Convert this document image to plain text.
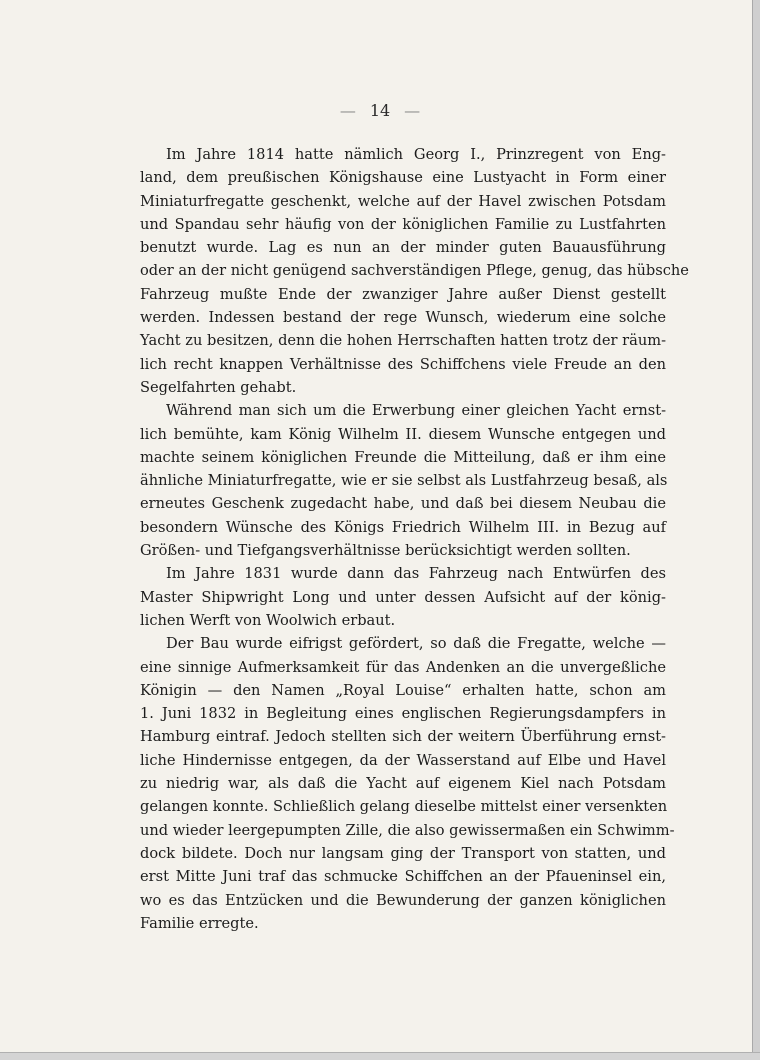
— 14 —
Im Jahre 1814 hatte nämlich Georg I., Prinzregent von Eng-
land, dem preußischen Königshause eine Lustyacht in Form einer
Miniaturfregatte geschenkt, welche auf der Havel zwischen Potsdam
und Spandau sehr häufig von der königlichen Familie zu Lustfahrten
benutzt wurde. Lag es nun an der minder guten Bauausführung
oder an der nicht genügend sachverständigen Pflege, genug, das hübsche
Fahrzeug mußte Ende der zwanziger Jahre außer Dienst gestellt
werden. Indessen bestand der rege Wunsch, wiederum eine solche
Yacht zu besitzen, denn die hohen Herrschaften hatten trotz der räum-
lich recht knappen Verhältnisse des Schiffchens viele Freude an den
Segelfahrten gehabt.
Während man sich um die Erwerbung einer gleichen Yacht ernst-
lich bemühte, kam König Wilhelm II. diesem Wunsche entgegen und
machte seinem königlichen Freunde die Mitteilung, daß er ihm eine
ähnliche Miniaturfregatte, wie er sie selbst als Lustfahrzeug besaß, als
erneutes Geschenk zugedacht habe, und daß bei diesem Neubau die
besondern Wünsche des Königs Friedrich Wilhelm III. in Bezug auf
Größen- und Tiefgangsverhältnisse berücksichtigt werden sollten.
Im Jahre 1831 wurde dann das Fahrzeug nach Entwürfen des
Master Shipwright Long und unter dessen Aufsicht auf der könig-
lichen Werft von Woolwich erbaut.
Der Bau wurde eifrigst gefördert, so daß die Fregatte, welche —
eine sinnige Aufmerksamkeit für das Andenken an die unvergeßliche
Königin — den Namen „Royal Louise“ erhalten hatte, schon am
1. Juni 1832 in Begleitung eines englischen Regierungsdampfers in
Hamburg eintraf. Jedoch stellten sich der weitern Überführung ernst-
liche Hindernisse entgegen, da der Wasserstand auf Elbe und Havel
zu niedrig war, als daß die Yacht auf eigenem Kiel nach Potsdam
gelangen konnte. Schließlich gelang dieselbe mittelst einer versenkten
und wieder leergepumpten Zille, die also gewissermaßen ein Schwimm-
dock bildete. Doch nur langsam ging der Transport von statten, und
erst Mitte Juni traf das schmucke Schiffchen an der Pfaueninsel ein,
wo es das Entzücken und die Bewunderung der ganzen königlichen
Familie erregte.
